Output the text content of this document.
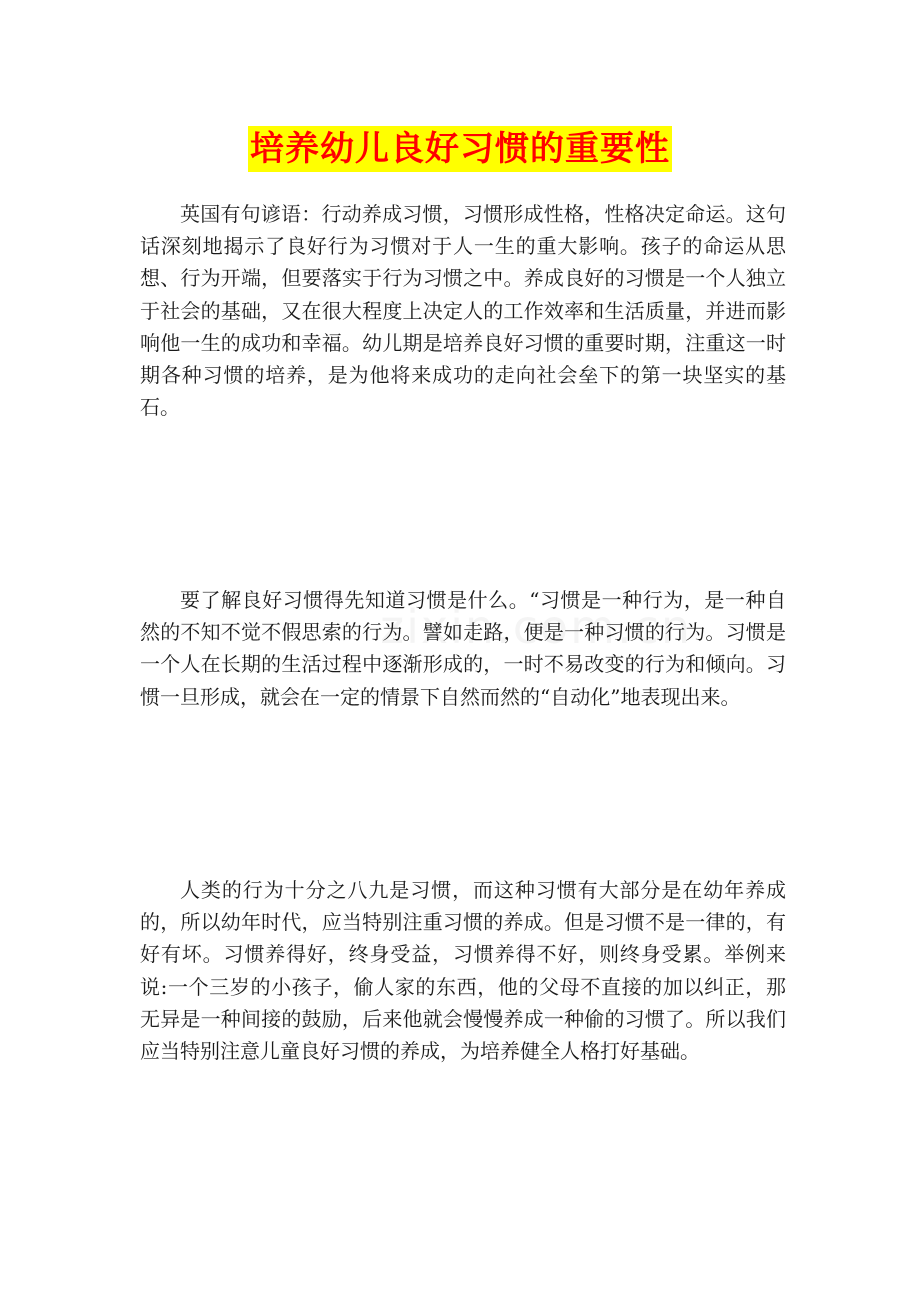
培养幼儿良好习惯的重要性

英国有句谚语：行动养成习惯，习惯形成性格，性格决定命运。这句话深刻地揭示了良好行为习惯对于人一生的重大影响。孩子的命运从思想、行为开端，但要落实于行为习惯之中。养成良好的习惯是一个人独立于社会的基础，又在很大程度上决定人的工作效率和生活质量，并进而影响他一生的成功和幸福。幼儿期是培养良好习惯的重要时期，注重这一时期各种习惯的培养，是为他将来成功的走向社会垒下的第一块坚实的基石。

要了解良好习惯得先知道习惯是什么。“习惯是一种行为，是一种自然的不知不觉不假思索的行为。譬如走路，便是一种习惯的行为。习惯是一个人在长期的生活过程中逐渐形成的，一时不易改变的行为和倾向。习惯一旦形成，就会在一定的情景下自然而然的“自动化”地表现出来。

人类的行为十分之八九是习惯，而这种习惯有大部分是在幼年养成的，所以幼年时代，应当特别注重习惯的养成。但是习惯不是一律的，有好有坏。习惯养得好，终身受益，习惯养得不好，则终身受累。举例来说:一个三岁的小孩子，偷人家的东西，他的父母不直接的加以纠正，那无异是一种间接的鼓励，后来他就会慢慢养成一种偷的习惯了。所以我们应当特别注意儿童良好习惯的养成，为培养健全人格打好基础。
